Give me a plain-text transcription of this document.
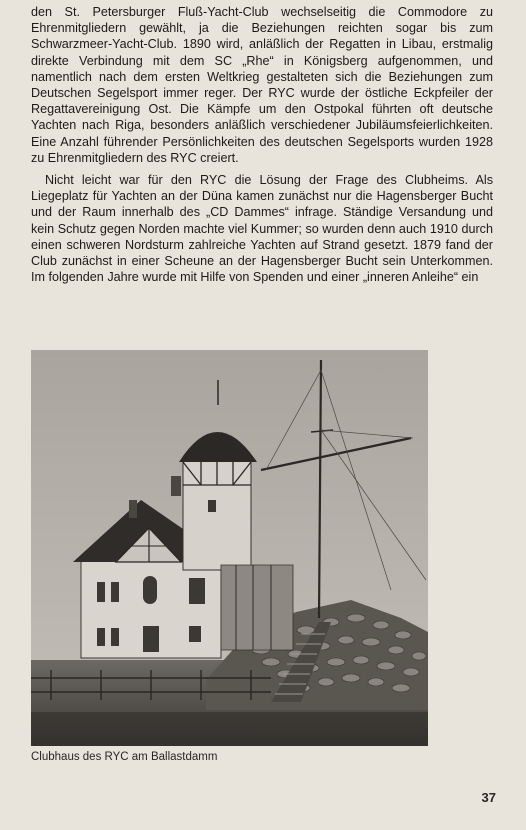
den St. Petersburger Fluß-Yacht-Club wechselseitig die Commodore zu Ehrenmitgliedern gewählt, ja die Beziehungen reichten sogar bis zum Schwarzmeer-Yacht-Club. 1890 wird, anläßlich der Regatten in Libau, erstmalig direkte Verbindung mit dem SC „Rhe“ in Königsberg aufgenommen, und namentlich nach dem ersten Weltkrieg gestalteten sich die Beziehungen zum Deutschen Segelsport immer reger. Der RYC wurde der östliche Eckpfeiler der Regattavereinigung Ost. Die Kämpfe um den Ostpokal führten oft deutsche Yachten nach Riga, besonders anläßlich verschiedener Jubiläumsfeierlichkeiten. Eine Anzahl führender Persönlichkeiten des deutschen Segelsports wurden 1928 zu Ehrenmitgliedern des RYC creiert.

Nicht leicht war für den RYC die Lösung der Frage des Clubheims. Als Liegeplatz für Yachten an der Düna kamen zunächst nur die Hagensberger Bucht und der Raum innerhalb des „CD Dammes“ infrage. Ständige Versandung und kein Schutz gegen Norden machte viel Kummer; so wurden denn auch 1910 durch einen schweren Nordsturm zahlreiche Yachten auf Strand gesetzt. 1879 fand der Club zunächst in einer Scheune an der Hagensberger Bucht sein Unterkommen. Im folgenden Jahre wurde mit Hilfe von Spenden und einer „inneren Anleihe“ ein

Clubhaus des RYC am Ballastdamm
37
